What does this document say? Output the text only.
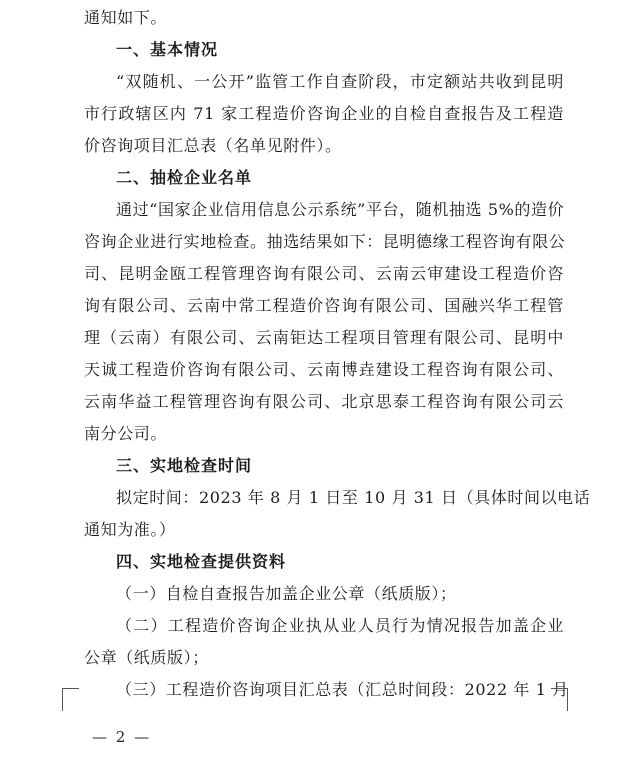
通知如下。
一、基本情况
“双随机、一公开”监管工作自查阶段，市定额站共收到昆明
市行政辖区内 71 家工程造价咨询企业的自检自查报告及工程造
价咨询项目汇总表（名单见附件）。
二、抽检企业名单
通过“国家企业信用信息公示系统”平台，随机抽选 5%的造价
咨询企业进行实地检查。抽选结果如下：昆明德缘工程咨询有限公
司、昆明金瓯工程管理咨询有限公司、云南云审建设工程造价咨
询有限公司、云南中常工程造价咨询有限公司、国融兴华工程管
理（云南）有限公司、云南钜达工程项目管理有限公司、昆明中
天诚工程造价咨询有限公司、云南博垚建设工程咨询有限公司、
云南华益工程管理咨询有限公司、北京思泰工程咨询有限公司云
南分公司。
三、实地检查时间
拟定时间：2023 年 8 月 1 日至 10 月 31 日（具体时间以电话
通知为准。）
四、实地检查提供资料
（一）自检自查报告加盖企业公章（纸质版）；
（二）工程造价咨询企业执从业人员行为情况报告加盖企业
公章（纸质版）；
（三）工程造价咨询项目汇总表（汇总时间段：2022 年 1 月
— 2 —
